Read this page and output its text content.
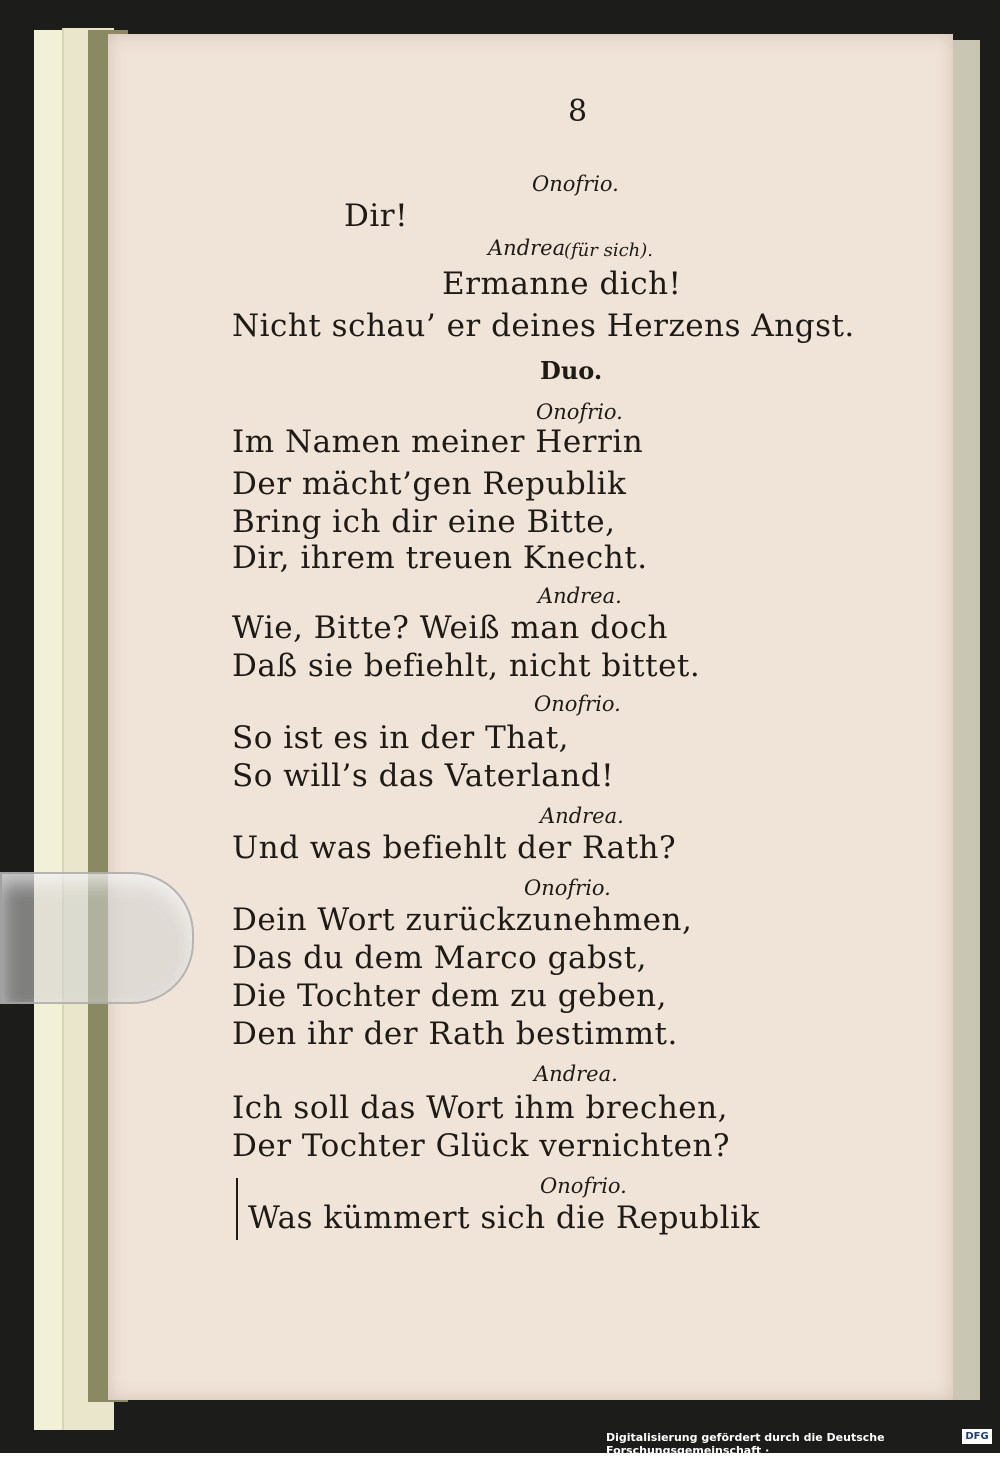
8
Onofrio.
Dir!
Andrea
(für sich).
Ermanne dich!
Nicht schau’ er deines Herzens Angst.
Duo.
Onofrio.
Im Namen meiner Herrin
Der mächt’gen Republik
Bring ich dir eine Bitte,
Dir, ihrem treuen Knecht.
Andrea.
Wie, Bitte? Weiß man doch
Daß sie befiehlt, nicht bittet.
Onofrio.
So ist es in der That,
So will’s das Vaterland!
Andrea.
Und was befiehlt der Rath?
Onofrio.
Dein Wort zurückzunehmen,
Das du dem Marco gabst,
Die Tochter dem zu geben,
Den ihr der Rath bestimmt.
Andrea.
Ich soll das Wort ihm brechen,
Der Tochter Glück vernichten?
Onofrio.
Was kümmert sich die Republik
Digitalisierung gefördert durch die Deutsche Forschungsgemeinschaft ·
DFG
